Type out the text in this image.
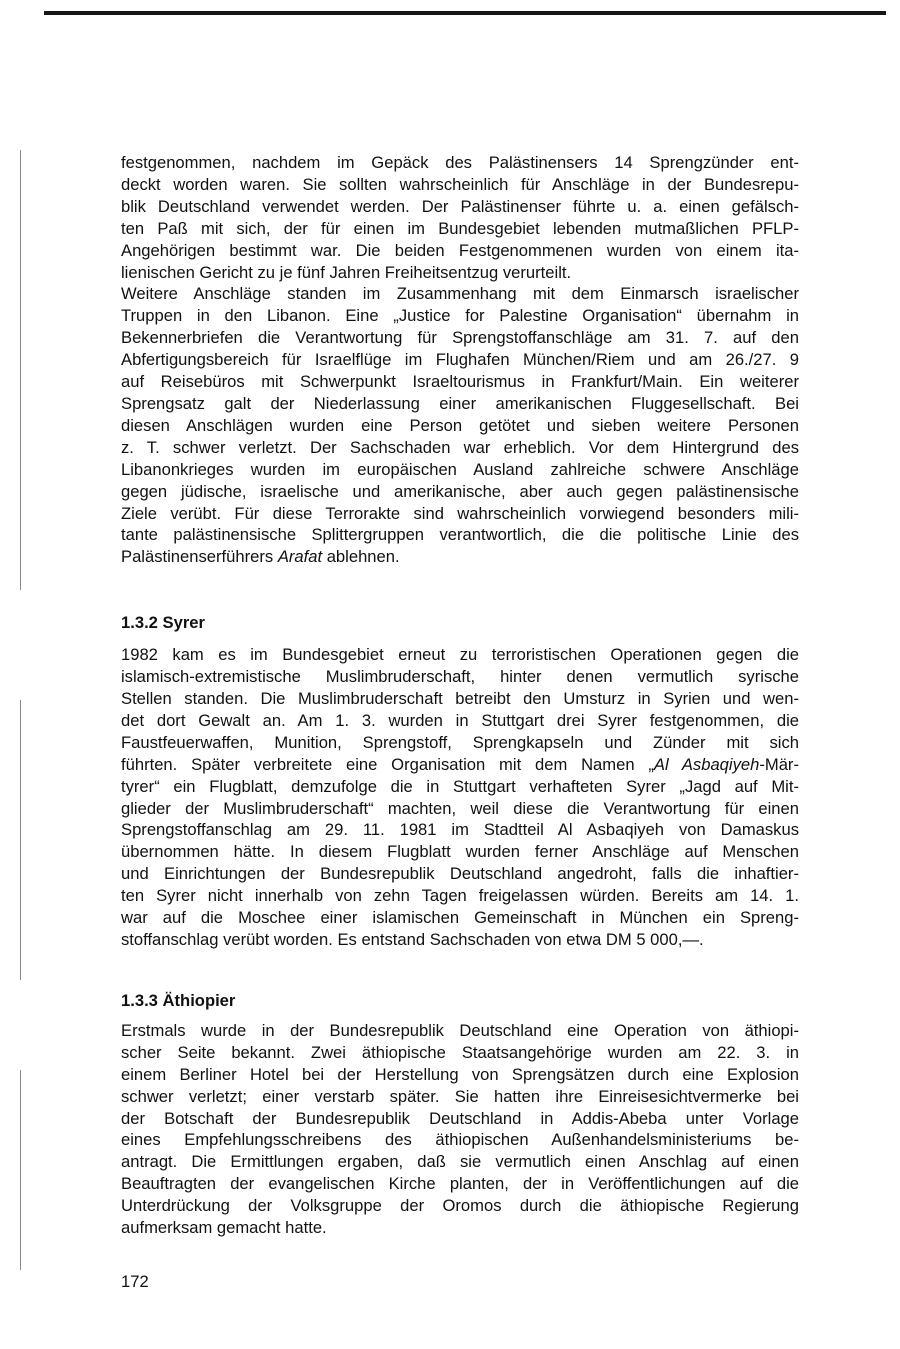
festgenommen, nachdem im Gepäck des Palästinensers 14 Sprengzünder ent-
deckt worden waren. Sie sollten wahrscheinlich für Anschläge in der Bundesrepu-
blik Deutschland verwendet werden. Der Palästinenser führte u. a. einen gefälsch-
ten Paß mit sich, der für einen im Bundesgebiet lebenden mutmaßlichen PFLP-
Angehörigen bestimmt war. Die beiden Festgenommenen wurden von einem ita-
lienischen Gericht zu je fünf Jahren Freiheitsentzug verurteilt.

Weitere Anschläge standen im Zusammenhang mit dem Einmarsch israelischer
Truppen in den Libanon. Eine „Justice for Palestine Organisation“ übernahm in
Bekennerbriefen die Verantwortung für Sprengstoffanschläge am 31. 7. auf den
Abfertigungsbereich für Israelflüge im Flughafen München/Riem und am 26./27. 9
auf Reisebüros mit Schwerpunkt Israeltourismus in Frankfurt/Main. Ein weiterer
Sprengsatz galt der Niederlassung einer amerikanischen Fluggesellschaft. Bei
diesen Anschlägen wurden eine Person getötet und sieben weitere Personen
z. T. schwer verletzt. Der Sachschaden war erheblich. Vor dem Hintergrund des
Libanonkrieges wurden im europäischen Ausland zahlreiche schwere Anschläge
gegen jüdische, israelische und amerikanische, aber auch gegen palästinensische
Ziele verübt. Für diese Terrorakte sind wahrscheinlich vorwiegend besonders mili-
tante palästinensische Splittergruppen verantwortlich, die die politische Linie des
Palästinenserführers Arafat ablehnen.

1.3.2 Syrer

1982 kam es im Bundesgebiet erneut zu terroristischen Operationen gegen die
islamisch-extremistische Muslimbruderschaft, hinter denen vermutlich syrische
Stellen standen. Die Muslimbruderschaft betreibt den Umsturz in Syrien und wen-
det dort Gewalt an. Am 1. 3. wurden in Stuttgart drei Syrer festgenommen, die
Faustfeuerwaffen, Munition, Sprengstoff, Sprengkapseln und Zünder mit sich
führten. Später verbreitete eine Organisation mit dem Namen „Al Asbaqiyeh-Mär-
tyrer“ ein Flugblatt, demzufolge die in Stuttgart verhafteten Syrer „Jagd auf Mit-
glieder der Muslimbruderschaft“ machten, weil diese die Verantwortung für einen
Sprengstoffanschlag am 29. 11. 1981 im Stadtteil Al Asbaqiyeh von Damaskus
übernommen hätte. In diesem Flugblatt wurden ferner Anschläge auf Menschen
und Einrichtungen der Bundesrepublik Deutschland angedroht, falls die inhaftier-
ten Syrer nicht innerhalb von zehn Tagen freigelassen würden. Bereits am 14. 1.
war auf die Moschee einer islamischen Gemeinschaft in München ein Spreng-
stoffanschlag verübt worden. Es entstand Sachschaden von etwa DM 5 000,—.

1.3.3 Äthiopier

Erstmals wurde in der Bundesrepublik Deutschland eine Operation von äthiopi-
scher Seite bekannt. Zwei äthiopische Staatsangehörige wurden am 22. 3. in
einem Berliner Hotel bei der Herstellung von Sprengsätzen durch eine Explosion
schwer verletzt; einer verstarb später. Sie hatten ihre Einreisesichtvermerke bei
der Botschaft der Bundesrepublik Deutschland in Addis-Abeba unter Vorlage
eines Empfehlungsschreibens des äthiopischen Außenhandelsministeriums be-
antragt. Die Ermittlungen ergaben, daß sie vermutlich einen Anschlag auf einen
Beauftragten der evangelischen Kirche planten, der in Veröffentlichungen auf die
Unterdrückung der Volksgruppe der Oromos durch die äthiopische Regierung
aufmerksam gemacht hatte.

172
